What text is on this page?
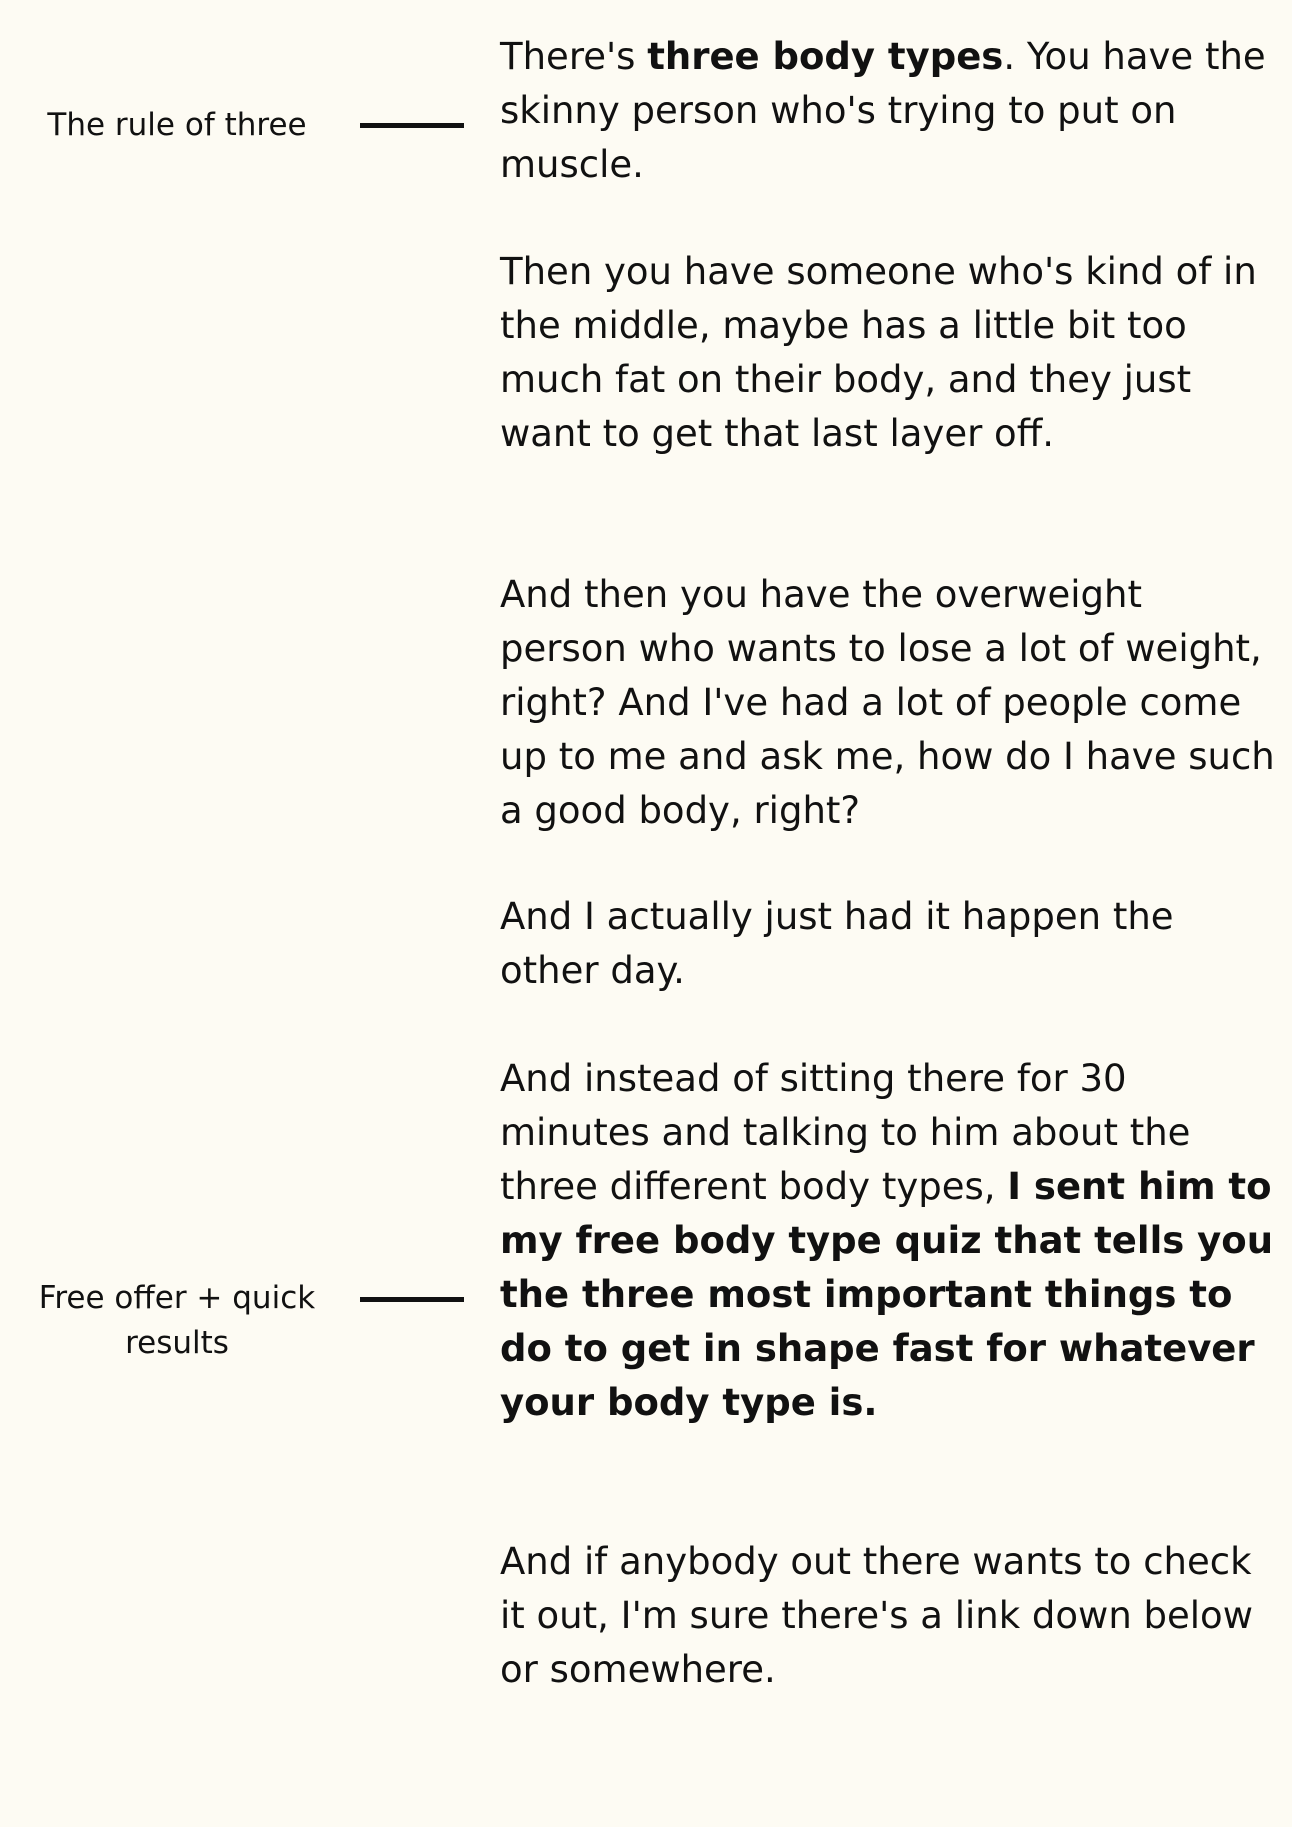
The rule of three
Free offer + quick results

There's three body types. You have the skinny person who's trying to put on muscle.

Then you have someone who's kind of in the middle, maybe has a little bit too much fat on their body, and they just want to get that last layer off.

And then you have the overweight person who wants to lose a lot of weight, right? And I've had a lot of people come up to me and ask me, how do I have such a good body, right?

And I actually just had it happen the other day.

And instead of sitting there for 30 minutes and talking to him about the three different body types, I sent him to my free body type quiz that tells you the three most important things to do to get in shape fast for whatever your body type is.

And if anybody out there wants to check it out, I'm sure there's a link down below or somewhere.
